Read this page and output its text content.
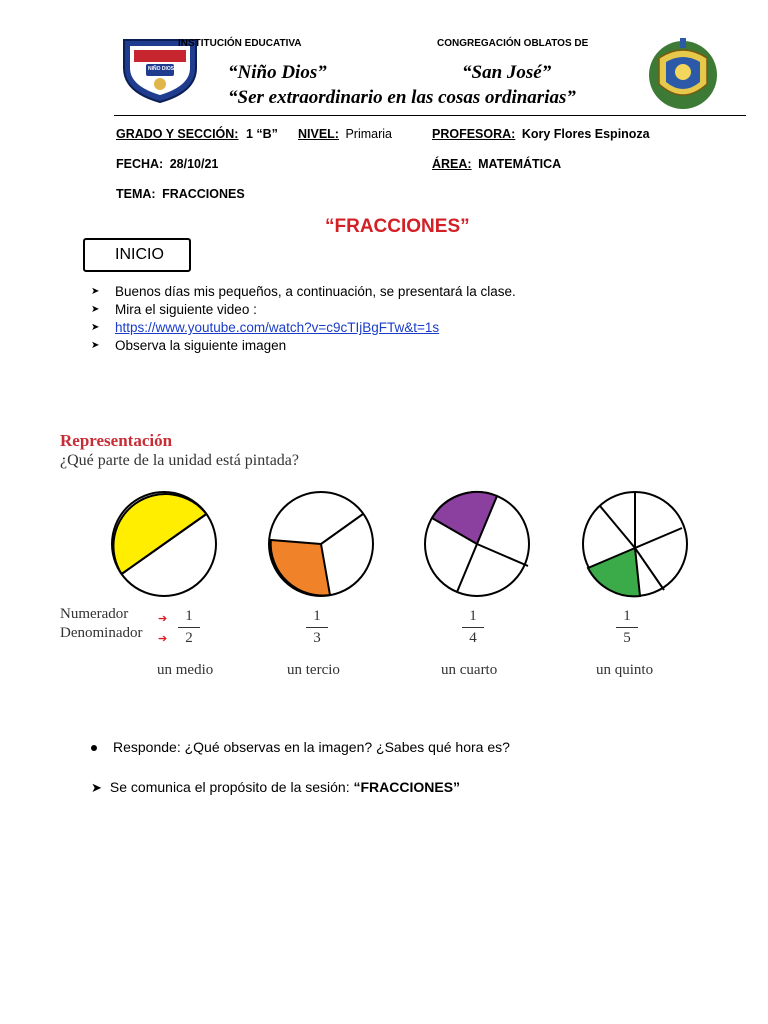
NIÑO DIOS
INSTITUCIÓN EDUCATIVA	CONGREGACIÓN OBLATOS DE
“Niño Dios”	“San José”
“Ser extraordinario en las cosas ordinarias”
GRADO Y SECCIÓN: 1 “B” NIVEL: Primaria	PROFESORA: Kory Flores Espinoza
FECHA: 28/10/21	ÁREA: MATEMÁTICA
TEMA: FRACCIONES
“FRACCIONES”
INICIO
➤ Buenos días mis pequeños, a continuación, se presentará la clase.
➤ Mira el siguiente video :
➤ https://www.youtube.com/watch?v=c9cTIjBgFTw&t=1s
➤ Observa la siguiente imagen
Representación
¿Qué parte de la unidad está pintada?
Numerador
Denominador
➔
➔
1
2
1
3
1
4
1
5
un medio	un tercio	un cuarto	un quinto
Responde: ¿Qué observas en la imagen? ¿Sabes qué hora es?
➤ Se comunica el propósito de la sesión: “FRACCIONES”
